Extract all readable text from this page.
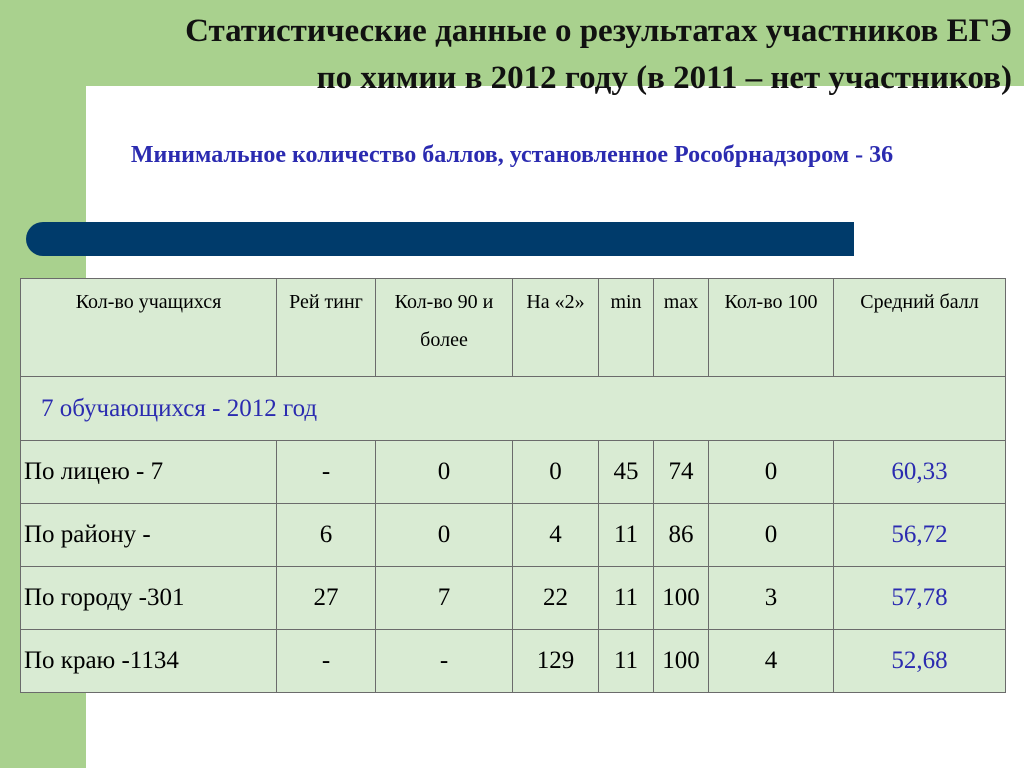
Статистические данные о результатах участников ЕГЭ
по химии в 2012 году (в 2011 – нет участников)
Минимальное количество баллов, установленное Рособрнадзором - 36
Кол-во учащихся	Рей тинг	Кол-во 90 и более	На «2»	min	max	Кол-во 100	Средний балл
7 обучающихся - 2012 год							
По лицею - 7	-	0	0	45	74	0	60,33
По району -	6	0	4	11	86	0	56,72
По городу -301	27	7	22	11	100	3	57,78
По краю -1134	-	-	129	11	100	4	52,68
